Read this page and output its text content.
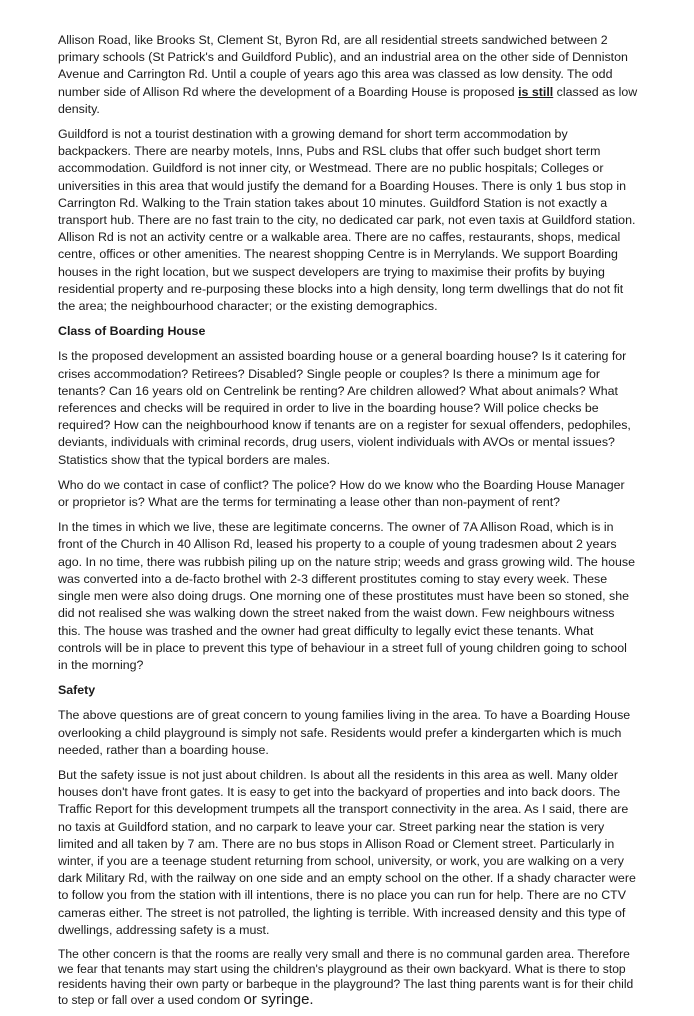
Allison Road, like Brooks St, Clement St, Byron Rd, are all residential streets sandwiched between 2 primary schools (St Patrick's and Guildford Public), and an industrial area on the other side of Denniston Avenue and Carrington Rd. Until a couple of years ago this area was classed as low density. The odd number side of Allison Rd where the development of a Boarding House is proposed is still classed as low density.

Guildford is not a tourist destination with a growing demand for short term accommodation by backpackers. There are nearby motels, Inns, Pubs and RSL clubs that offer such budget short term accommodation. Guildford is not inner city, or Westmead. There are no public hospitals; Colleges or universities in this area that would justify the demand for a Boarding Houses. There is only 1 bus stop in Carrington Rd. Walking to the Train station takes about 10 minutes. Guildford Station is not exactly a transport hub. There are no fast train to the city, no dedicated car park, not even taxis at Guildford station. Allison Rd is not an activity centre or a walkable area. There are no caffes, restaurants, shops, medical centre, offices or other amenities. The nearest shopping Centre is in Merrylands. We support Boarding houses in the right location, but we suspect developers are trying to maximise their profits by buying residential property and re-purposing these blocks into a high density, long term dwellings that do not fit the area; the neighbourhood character; or the existing demographics.

Class of Boarding House

Is the proposed development an assisted boarding house or a general boarding house? Is it catering for crises accommodation? Retirees? Disabled? Single people or couples? Is there a minimum age for tenants? Can 16 years old on Centrelink be renting? Are children allowed? What about animals? What references and checks will be required in order to live in the boarding house? Will police checks be required? How can the neighbourhood know if tenants are on a register for sexual offenders, pedophiles, deviants, individuals with criminal records, drug users, violent individuals with AVOs or mental issues? Statistics show that the typical borders are males.

Who do we contact in case of conflict? The police? How do we know who the Boarding House Manager or proprietor is? What are the terms for terminating a lease other than non-payment of rent?

In the times in which we live, these are legitimate concerns. The owner of 7A Allison Road, which is in front of the Church in 40 Allison Rd, leased his property to a couple of young tradesmen about 2 years ago. In no time, there was rubbish piling up on the nature strip; weeds and grass growing wild. The house was converted into a de-facto brothel with 2-3 different prostitutes coming to stay every week. These single men were also doing drugs. One morning one of these prostitutes must have been so stoned, she did not realised she was walking down the street naked from the waist down. Few neighbours witness this. The house was trashed and the owner had great difficulty to legally evict these tenants. What controls will be in place to prevent this type of behaviour in a street full of young children going to school in the morning?

Safety

The above questions are of great concern to young families living in the area. To have a Boarding House overlooking a child playground is simply not safe. Residents would prefer a kindergarten which is much needed, rather than a boarding house.

But the safety issue is not just about children. Is about all the residents in this area as well. Many older houses don't have front gates. It is easy to get into the backyard of properties and into back doors. The Traffic Report for this development trumpets all the transport connectivity in the area. As I said, there are no taxis at Guildford station, and no carpark to leave your car. Street parking near the station is very limited and all taken by 7 am. There are no bus stops in Allison Road or Clement street. Particularly in winter, if you are a teenage student returning from school, university, or work, you are walking on a very dark Military Rd, with the railway on one side and an empty school on the other. If a shady character were to follow you from the station with ill intentions, there is no place you can run for help. There are no CTV cameras either. The street is not patrolled, the lighting is terrible. With increased density and this type of dwellings, addressing safety is a must.

The other concern is that the rooms are really very small and there is no communal garden area. Therefore we fear that tenants may start using the children's playground as their own backyard. What is there to stop residents having their own party or barbeque in the playground? The last thing parents want is for their child to step or fall over a used condom or syringe.
